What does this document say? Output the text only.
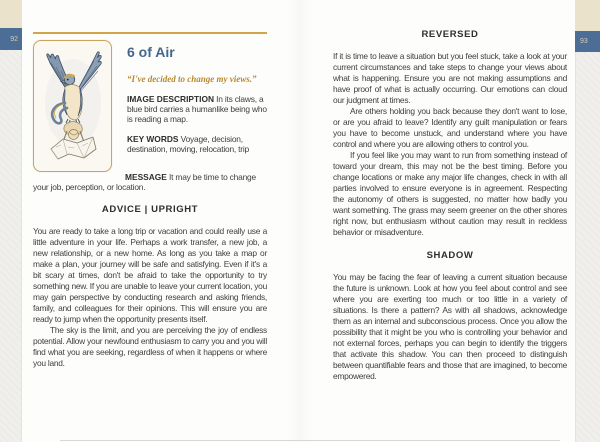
92
6 of Air
“I've decided to change my views.”

IMAGE DESCRIPTION In its claws, a blue bird carries a humanlike being who is reading a map.

KEY WORDS Voyage, decision, destination, moving, relocation, trip

MESSAGE It may be time to change your job, perception, or location.

ADVICE | UPRIGHT

You are ready to take a long trip or vacation and could really use a little adventure in your life. Perhaps a work transfer, a new job, a new relationship, or a new home. As long as you take a map or make a plan, your journey will be safe and satisfying. Even if it's a bit scary at times, don't be afraid to take the opportunity to try something new. If you are unable to leave your current location, you may gain perspective by conducting research and asking friends, family, and colleagues for their opinions. This will ensure you are ready to jump when the opportunity presents itself.

The sky is the limit, and you are perceiving the joy of endless potential. Allow your newfound enthusiasm to carry you and you will find what you are seeking, regardless of when it happens or where you land.

REVERSED

If it is time to leave a situation but you feel stuck, take a look at your current circumstances and take steps to change your views about what is happening. Ensure you are not making assumptions and have proof of what is actually occurring. Our emotions can cloud our judgment at times.

Are others holding you back because they don't want to lose, or are you afraid to leave? Identify any guilt manipulation or fears you have to become unstuck, and understand where you have control and where you are allowing others to control you.

If you feel like you may want to run from something instead of toward your dream, this may not be the best timing. Before you change locations or make any major life changes, check in with all parties involved to ensure everyone is in agreement. Respecting the autonomy of others is suggested, no matter how badly you want something. The grass may seem greener on the other shores right now, but enthusiasm without caution may result in reckless behavior or misadventure.

SHADOW

You may be facing the fear of leaving a current situation because the future is unknown. Look at how you feel about control and see where you are exerting too much or too little in a variety of situations. Is there a pattern? As with all shadows, acknowledge them as an internal and subconscious process. Once you allow the possibility that it might be you who is controlling your behavior and not external forces, perhaps you can begin to identify the triggers that activate this shadow. You can then proceed to distinguish between quantifiable fears and those that are imagined, to become empowered.

93
